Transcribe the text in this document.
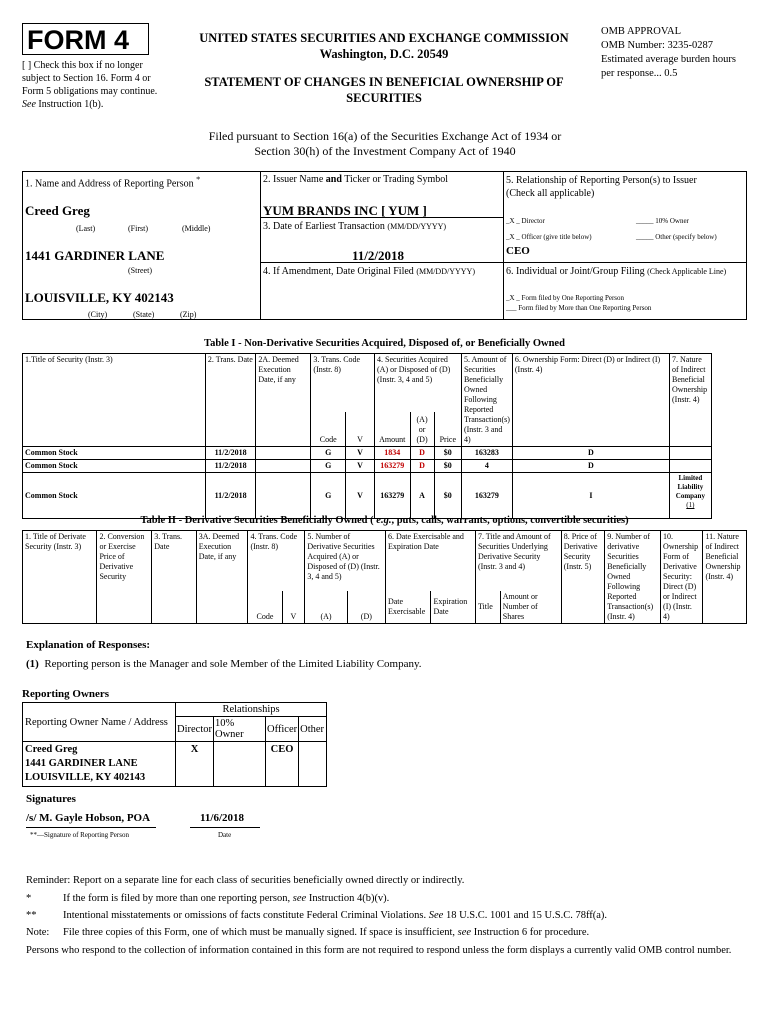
FORM 4
[ ] Check this box if no longer subject to Section 16. Form 4 or Form 5 obligations may continue. See Instruction 1(b).
UNITED STATES SECURITIES AND EXCHANGE COMMISSION
Washington, D.C. 20549
STATEMENT OF CHANGES IN BENEFICIAL OWNERSHIP OF SECURITIES
OMB APPROVAL
OMB Number: 3235-0287
Estimated average burden hours per response... 0.5
Filed pursuant to Section 16(a) of the Securities Exchange Act of 1934 or
Section 30(h) of the Investment Company Act of 1940
1. Name and Address of Reporting Person *
Creed Greg
(Last)	(First)	(Middle)
1441 GARDINER LANE
(Street)
LOUISVILLE, KY 402143
(City)	(State)	(Zip)
2. Issuer Name and Ticker or Trading Symbol
YUM BRANDS INC [ YUM ]
3. Date of Earliest Transaction (MM/DD/YYYY)
11/2/2018
4. If Amendment, Date Original Filed (MM/DD/YYYY)
5. Relationship of Reporting Person(s) to Issuer
(Check all applicable)
_X _ Director	_____ 10% Owner
_X _ Officer (give title below)	_____ Other (specify below)
CEO
6. Individual or Joint/Group Filing (Check Applicable Line)
_X _ Form filed by One Reporting Person
___ Form filed by More than One Reporting Person
Table I - Non-Derivative Securities Acquired, Disposed of, or Beneficially Owned
1.Title of Security (Instr. 3)	2. Trans. Date	2A. Deemed Execution Date, if any	3. Trans. Code (Instr. 8)		4. Securities Acquired (A) or Disposed of (D) (Instr. 3, 4 and 5)			5. Amount of Securities Beneficially Owned Following Reported Transaction(s) (Instr. 3 and 4)	6. Ownership Form: Direct (D) or Indirect (I) (Instr. 4)	7. Nature of Indirect Beneficial Ownership (Instr. 4)
			Code	V	Amount	(A) or (D)	Price			
Common Stock	11/2/2018		G	V	1834	D	$0	163283	D	
Common Stock	11/2/2018		G	V	163279	D	$0	4	D	
Common Stock	11/2/2018		G	V	163279	A	$0	163279	I	Limited Liability Company
(1)
Table II - Derivative Securities Beneficially Owned ( e.g., puts, calls, warrants, options, convertible securities)
1. Title of Derivate Security (Instr. 3)	2. Conversion or Exercise Price of Derivative Security	3. Trans. Date	3A. Deemed Execution Date, if any	4. Trans. Code (Instr. 8)		5. Number of Derivative Securities Acquired (A) or Disposed of (D) (Instr. 3, 4 and 5)		6. Date Exercisable and Expiration Date		7. Title and Amount of Securities Underlying Derivative Security (Instr. 3 and 4)		8. Price of Derivative Security (Instr. 5)	9. Number of derivative Securities Beneficially Owned Following Reported Transaction(s) (Instr. 4)	10. Ownership Form of Derivative Security: Direct (D) or Indirect (I) (Instr. 4)	11. Nature of Indirect Beneficial Ownership (Instr. 4)
				Code	V	(A)	(D)	Date Exercisable	Expiration Date	Title	Amount or Number of Shares				
Explanation of Responses:
(1) Reporting person is the Manager and sole Member of the Limited Liability Company.
Reporting Owners
Reporting Owner Name / Address	Relationships			
	Director	10% Owner	Officer	Other

Creed Greg
1441 GARDINER LANE
LOUISVILLE, KY 402143	X		CEO	
Signatures
/s/ M. Gayle Hobson, POA	11/6/2018
**—Signature of Reporting Person	Date
Reminder: Report on a separate line for each class of securities beneficially owned directly or indirectly.
*	If the form is filed by more than one reporting person, see Instruction 4(b)(v).
**	Intentional misstatements or omissions of facts constitute Federal Criminal Violations. See 18 U.S.C. 1001 and 15 U.S.C. 78ff(a).
Note: File three copies of this Form, one of which must be manually signed. If space is insufficient, see Instruction 6 for procedure.
Persons who respond to the collection of information contained in this form are not required to respond unless the form displays a currently valid OMB control number.
